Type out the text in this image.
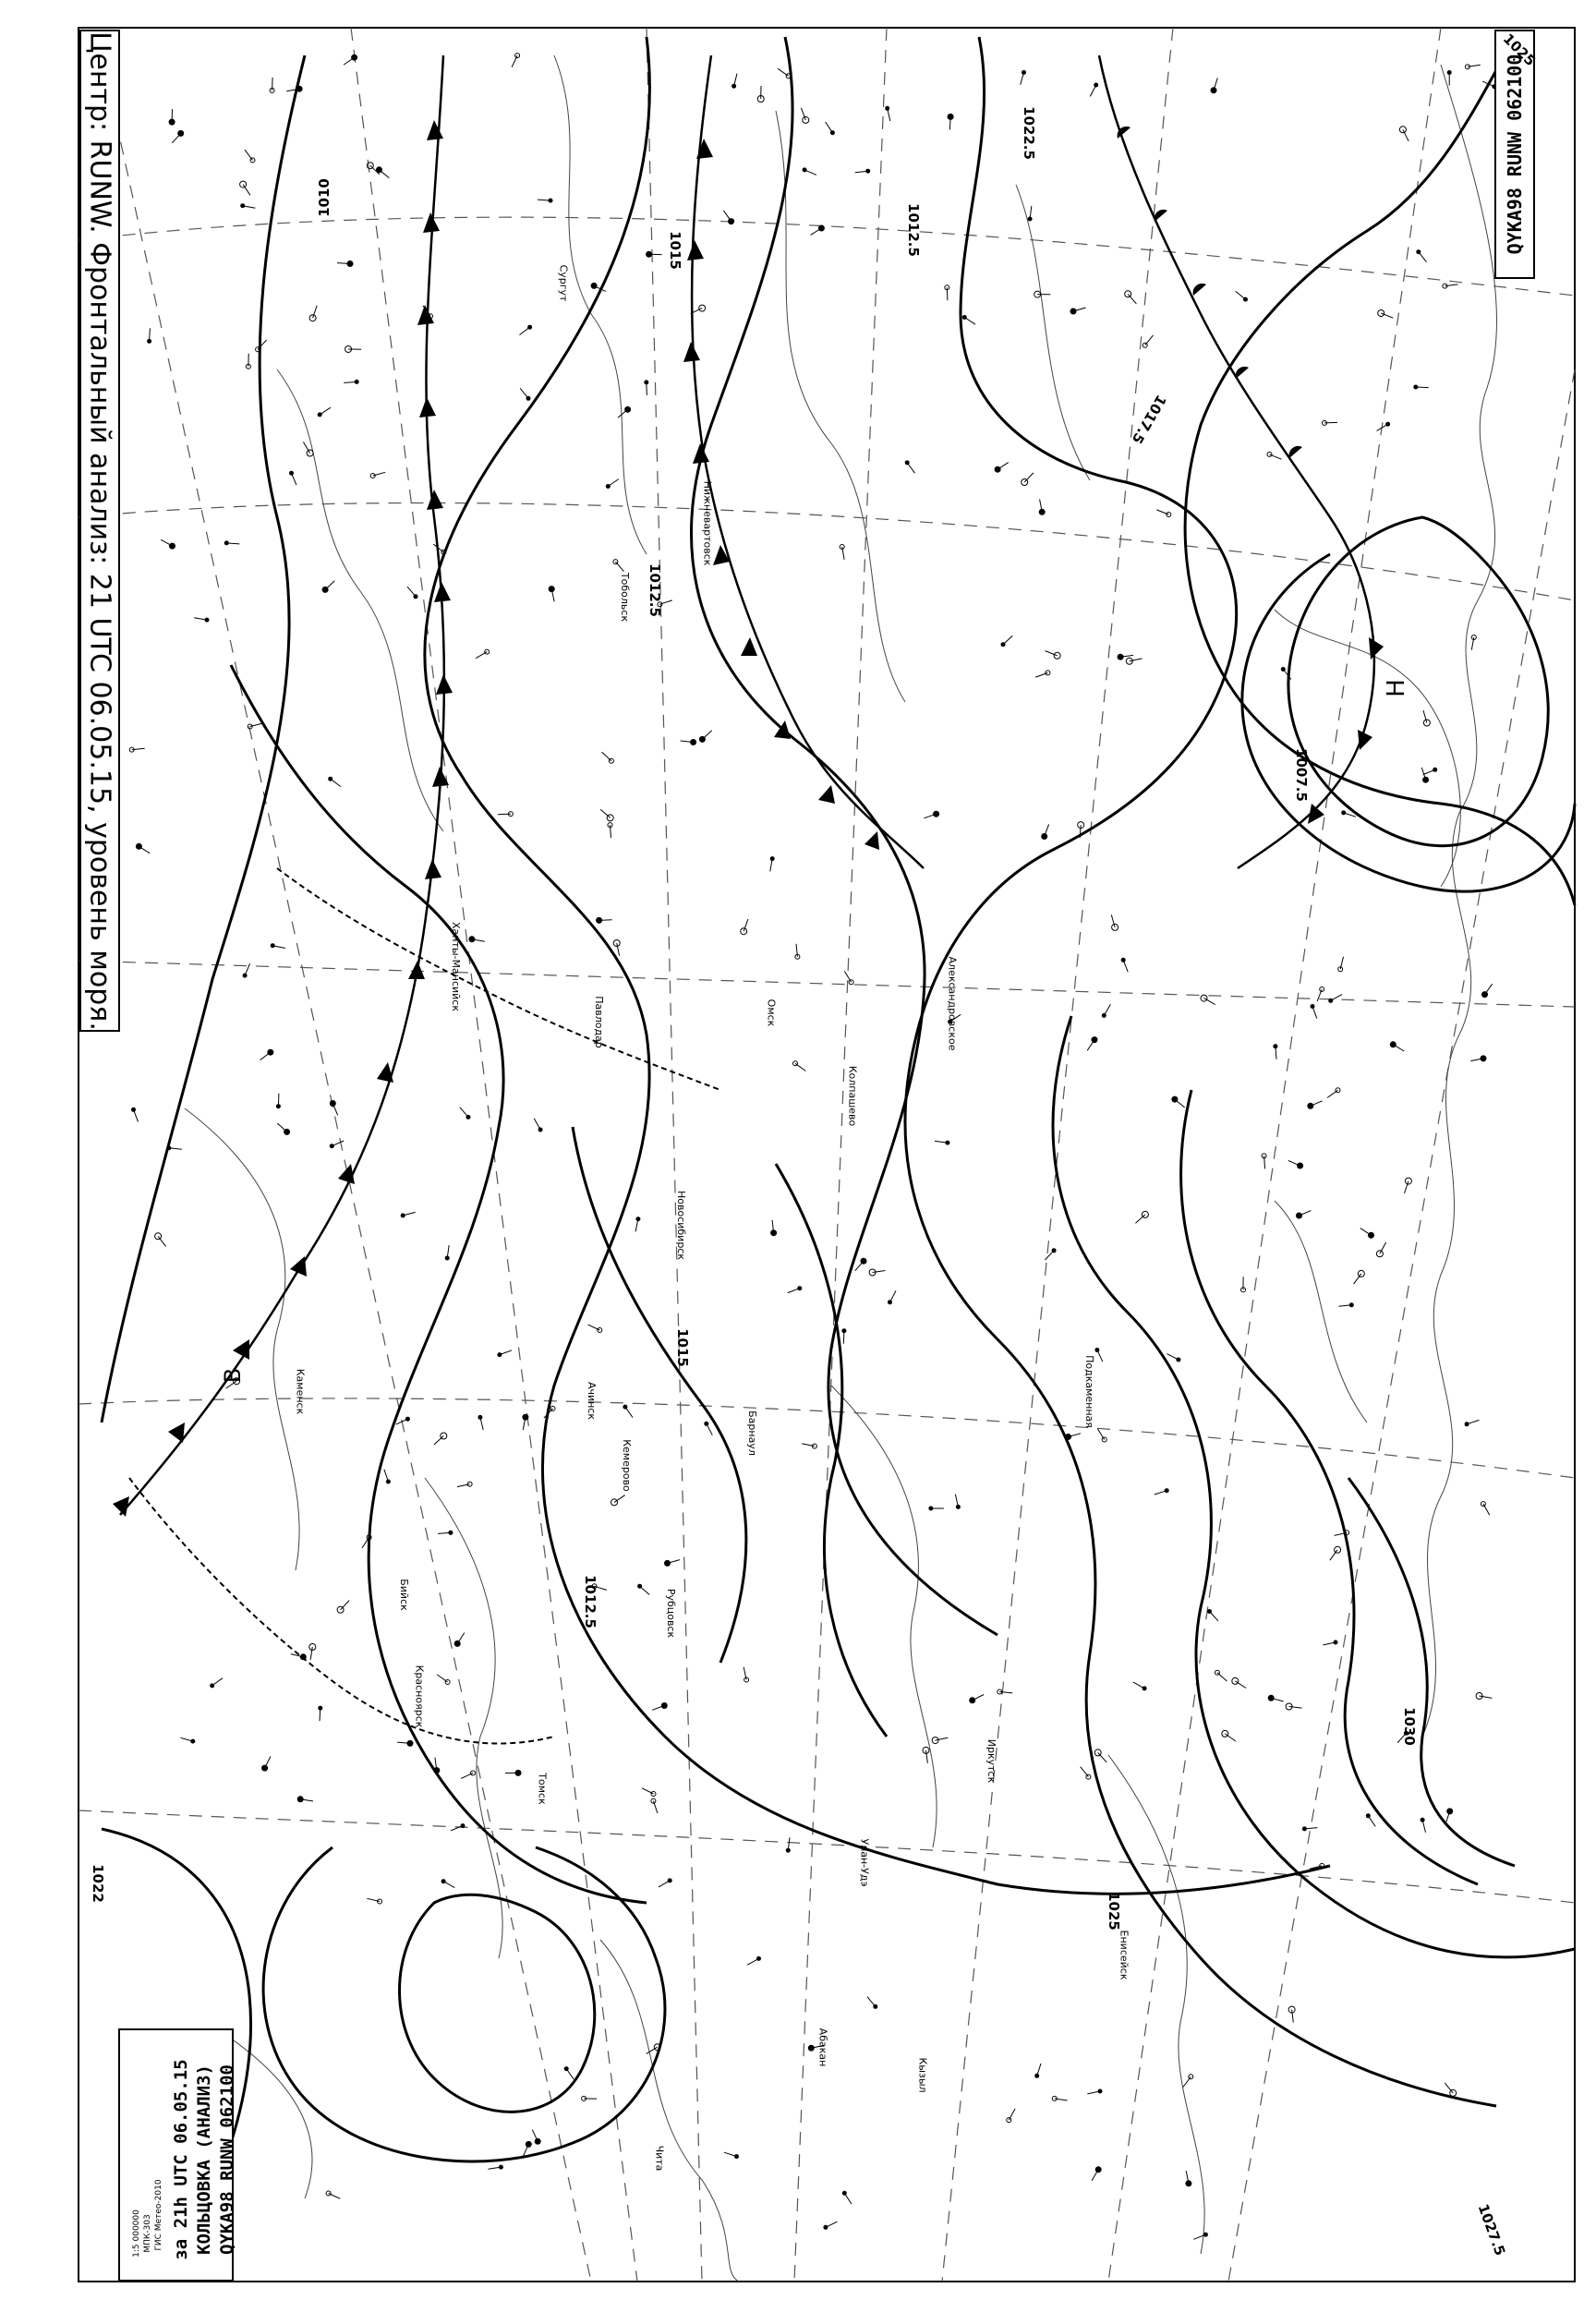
Центр: RUNW. Фронтальный анализ: 21 UTC 06.05.15, уровень моря.	QYKA98 RUNW 062100
QYKA98 RUNW 062100
КОЛЬЦОВКА (АНАЛИЗ)
за 21h UTC 06.05.15
ГИС Метео-2010
МПК-303
1:5 000000
1010
1015
1012.5
1022.5
1025
1027.5
1030
1007.5
1017.5
1025
1015
1012.5
1022
1012.5
Н
В
Сургут
Ханты-Мансийск
Тобольск
Омск
Новосибирск
Барнаул
Кемерово
Томск
Красноярск
Абакан
Кызыл
Иркутск
Чита
Улан-Удэ
Нижневартовск
Александровское
Колпашево
Енисейск
Подкаменная
Ачинск
Рубцовск
Павлодар
Каменск
Бийск
